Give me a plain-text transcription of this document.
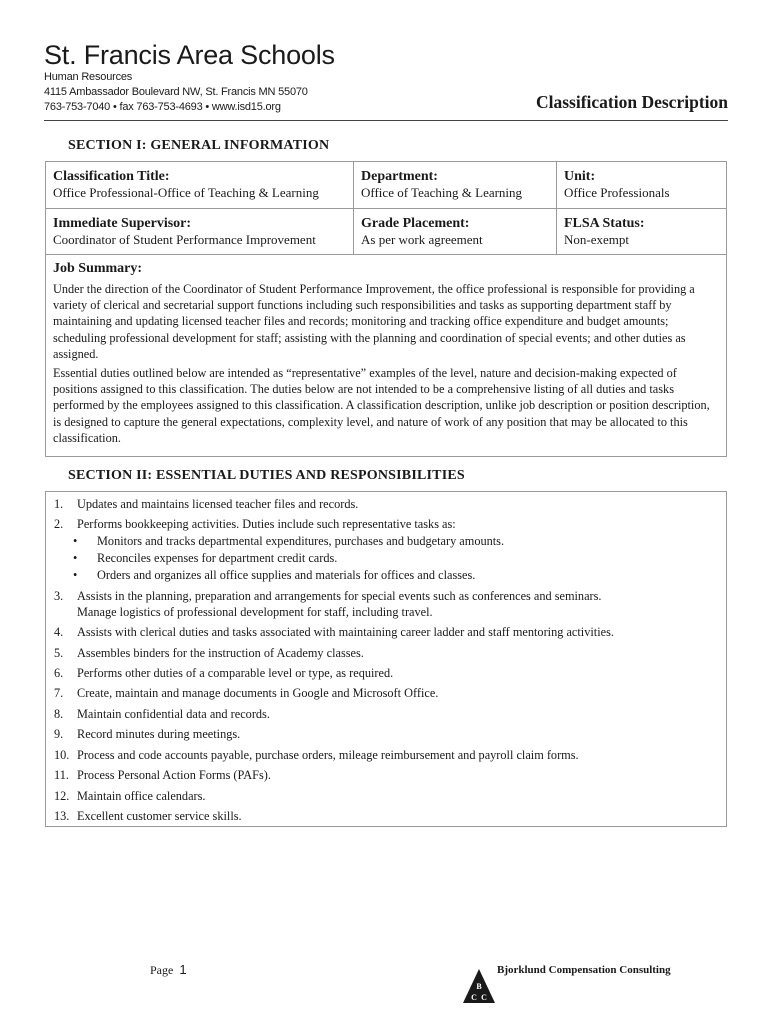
St. Francis Area Schools
Human Resources
4115 Ambassador Boulevard NW, St. Francis MN 55070
763-753-7040 • fax 763-753-4693 • www.isd15.org	Classification Description
SECTION I: GENERAL INFORMATION
Classification Title:
Office Professional-Office of Teaching & Learning	Department:
Office of Teaching & Learning	Unit:
Office Professionals

Immediate Supervisor:
Coordinator of Student Performance Improvement	Grade Placement:
As per work agreement	FLSA Status:
Non-exempt

Job Summary:

Under the direction of the Coordinator of Student Performance Improvement, the office professional is responsible for providing a variety of clerical and secretarial support functions including such responsibilities and tasks as supporting department staff by maintaining and updating licensed teacher files and records; monitoring and tracking office expenditure and budget amounts; scheduling professional development for staff; assisting with the planning and coordination of special events; and other duties as assigned.

Essential duties outlined below are intended as “representative” examples of the level, nature and decision-making expected of positions assigned to this classification. The duties below are not intended to be a comprehensive listing of all duties and tasks performed by the employees assigned to this classification. A classification description, unlike job description or position description, is designed to capture the general expectations, complexity level, and nature of work of any position that may be allocated to this classification.		

SECTION II: ESSENTIAL DUTIES AND RESPONSIBILITIES
1. Updates and maintains licensed teacher files and records.
2. Performs bookkeeping activities. Duties include such representative tasks as:
• Monitors and tracks departmental expenditures, purchases and budgetary amounts.
• Reconciles expenses for department credit cards.
• Orders and organizes all office supplies and materials for offices and classes.
3. Assists in the planning, preparation and arrangements for special events such as conferences and seminars.
Manage logistics of professional development for staff, including travel.
4. Assists with clerical duties and tasks associated with maintaining career ladder and staff mentoring activities.
5. Assembles binders for the instruction of Academy classes.
6. Performs other duties of a comparable level or type, as required.
7. Create, maintain and manage documents in Google and Microsoft Office.
8. Maintain confidential data and records.
9. Record minutes during meetings.
10. Process and code accounts payable, purchase orders, mileage reimbursement and payroll claim forms.
11. Process Personal Action Forms (PAFs).
12. Maintain office calendars.
13. Excellent customer service skills.
Page 1
B
C C
Bjorklund Compensation Consulting
